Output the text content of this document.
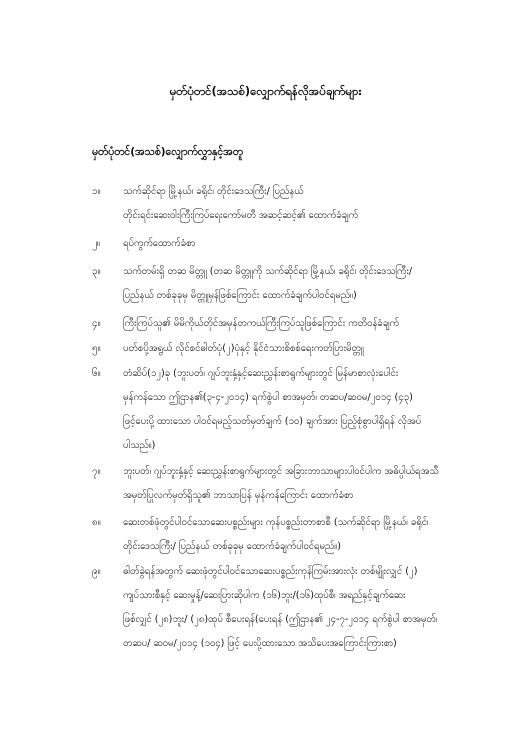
မှတ်ပုံတင်(အသစ်)လျှောက်ရန်လိုအပ်ချက်များ
မှတ်ပုံတင်(အသစ်)လျှောက်လွှာနှင့်အတူ
၁။	သက်ဆိုင်ရာ မြို့နယ်၊ ခရိုင်၊ တိုင်းဒေသကြီး/ ပြည်နယ်
တိုင်းရင်းဆေးဝါးကြီးကြပ်ရေးကော်မတီ အဆင့်ဆင့်၏ ထောက်ခံချက်
၂။	ရပ်ကွက်ထောက်ခံစာ
၃။	သက်တမ်းရှိ တဆ မိတ္တူ (တဆ မိတ္တူကို သက်ဆိုင်ရာ မြို့နယ်၊ ခရိုင်၊ တိုင်းဒေသကြီး/
ပြည်နယ် တစ်ခုခုမှ မိတ္တူမှန်ဖြစ်ကြောင်း ထောက်ခံချက်ပါဝင်ရမည်။)
၄။	ကြီးကြပ်သူ၏ မိမိကိုယ်တိုင်အမှန်တကယ်ကြီးကြပ်သူဖြစ်ကြောင်း ကတိဝန်ခံချက်
၅။	ပတ်စပို့အရွယ် လိုင်စင်ဓါတ်ပုံ(၂)ပုံနှင့် နိုင်ငံသားစိစစ်ရေးကတ်ပြားမိတ္တူ
၆။	တံဆိပ်(၁၂)ခု (ဘူးပတ်၊ ဂျပ်ဘူးနှံ့နှင့်ဆေးညွှန်းစာရွက်များတွင် မြန်မာစာလုံးပေါင်း
မှန်ကန်သော ဤဌာန၏(၃-၄-၂၀၁၄) ရက်စွဲပါ စာအမှတ်၊ တဆပ/ဆဝမ/၂၀၁၄ (၄၃)
ဖြင့်ပေးပို့ ထားသော ပါဝင်ရမည့်သတ်မှတ်ချက် (၁၀) ချက်အား ပြည့်စုံစွာပါရှိရန် လိုအပ်
ပါသည်။)
၇။	ဘူးပတ်၊ ဂျပ်ဘူးနှံ့နှင့် ဆေးညွှန်းစာရွက်များတွင် အခြားဘာသာများပါဝင်ပါက အဓိပ္ပါယ်ရအသီ
အမှတ်ပြုလက်မှတ်ရှိသူ၏ ဘာသာပြန် မှန်ကန်ကြောင်း ထောက်ခံစာ
၈။	ဆေးတစ်ဖုံတွင်ပါဝင်သောဆေးပစ္စည်းများ ကုန်ပစ္စည်းတာစာစီ (သက်ဆိုင်ရာ မြို့နယ်၊ ခရိုင်၊
တိုင်းဒေသကြီး/ ပြည်နယ် တစ်ခုခုမှ ထောက်ခံချက်ပါဝင်ရမည်။)
၉။	ဓါတ်ခွဲရန်အတွက် ဆေးဖုံတွင်ပါဝင်သောဆေးပစ္စည်းကုန်ကြမ်းအားလုံး တစ်မျိုးလျှင် (၂)
ကျပ်သားစီနှင့် ဆေးမှုန့်/ဆေးပြားဆိုပါက (၁၆)ဘူး/(၁၆)ထုပ်စီ၊ အရည်နှင့်ချက်ဆေး
ဖြစ်လျှင် (၂၈)ဘူး/ (၂၈)ထုပ် စီပေးရန်(ပေးရန် (ဤဌာန၏ ၂၄-၇-၂၀၁၄ ရက်စွဲပါ စာအမှတ်၊
တဆပ/ ဆဝမ/၂၀၁၄ (၁၀၄) ဖြင့် ပေးပို့ထားသော အသိပေးအကြောင်းကြားစာ)
